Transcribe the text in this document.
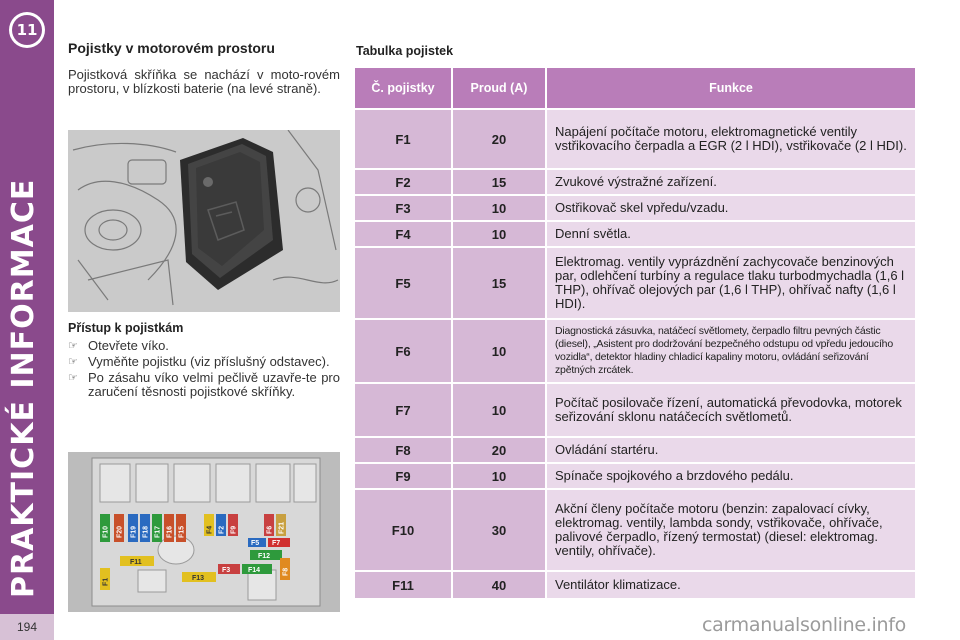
11
PRAKTICKÉ INFORMACE
194
Pojistky v motorovém prostoru

Pojistková skříňka se nachází v moto-rovém prostoru, v blízkosti baterie (na levé straně).

Přístup k pojistkám
☞ Otevřete víko.
☞ Vyměňte pojistku (viz příslušný odstavec).
☞ Po zásahu víko velmi pečlivě uzavře-te pro zaručení těsnosti pojistkové skříňky.
F10 F20 F19 F18 F17 F16 F15	F4 F2 F9	F6 F21
F5 F7
F12
F11
F3	F14
F13
F8
F1
Tabulka pojistek
Č. pojistky	Proud (A)	Funkce
F1	20	Napájení počítače motoru, elektromagnetické ventily vstřikovacího čerpadla a EGR (2 l HDI), vstřikovače (2 l HDI).
F2	15	Zvukové výstražné zařízení.
F3	10	Ostřikovač skel vpředu/vzadu.
F4	10	Denní světla.
F5	15	Elektromag. ventily vyprázdnění zachycovače benzinových par, odlehčení turbíny a regulace tlaku turbodmychadla (1,6 l THP), ohřívač olejových par (1,6 l THP), ohřívač nafty (1,6 l HDI).
F6	10	Diagnostická zásuvka, natáčecí světlomety, čerpadlo filtru pevných částic (diesel), „Asistent pro dodržování bezpečného odstupu od vpředu jedoucího vozidla“, detektor hladiny chladicí kapaliny motoru, ovládání seřizování zpětných zrcátek.
F7	10	Počítač posilovače řízení, automatická převodovka, motorek seřizování sklonu natáčecích světlometů.
F8	20	Ovládání startéru.
F9	10	Spínače spojkového a brzdového pedálu.
F10	30	Akční členy počítače motoru (benzin: zapalovací cívky, elektromag. ventily, lambda sondy, vstřikovače, ohřívače, palivové čerpadlo, řízený termostat) (diesel: elektromag. ventily, ohřívače).
F11	40	Ventilátor klimatizace.
carmanualsonline.info
